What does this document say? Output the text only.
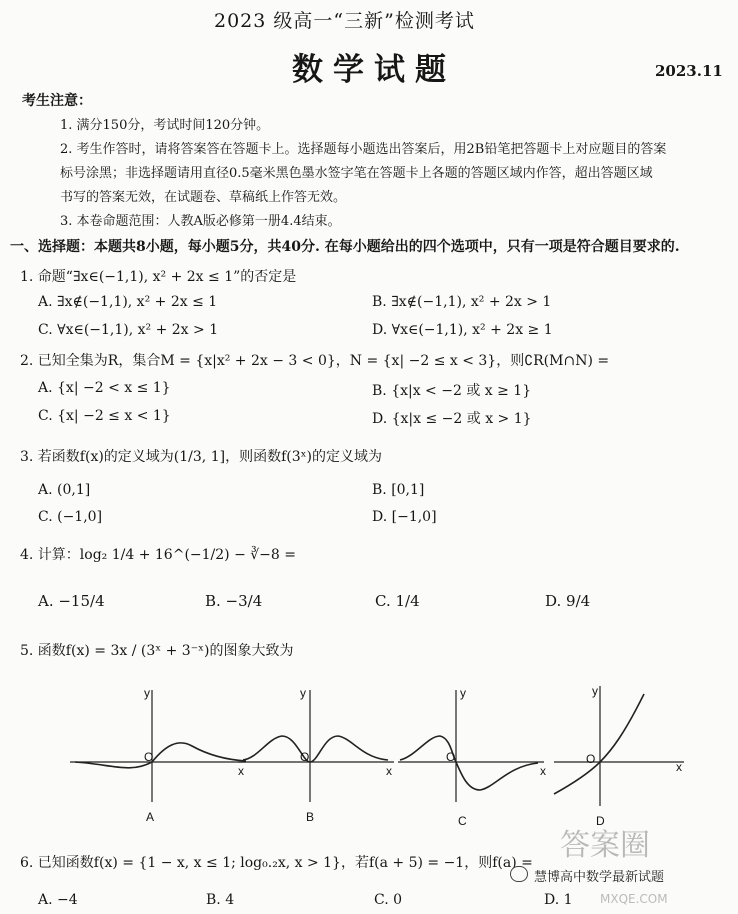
2023 级高一“三新”检测考试
数学试题	2023.11
考生注意：
1. 满分150分，考试时间120分钟。
2. 考生作答时，请将答案答在答题卡上。选择题每小题选出答案后，用2B铅笔把答题卡上对应题目的答案
标号涂黑；非选择题请用直径0.5毫米黑色墨水签字笔在答题卡上各题的答题区域内作答，超出答题区域
书写的答案无效，在试题卷、草稿纸上作答无效。
3. 本卷命题范围：人教A版必修第一册4.4结束。
一、选择题：本题共8小题，每小题5分，共40分. 在每小题给出的四个选项中，只有一项是符合题目要求的.
1. 命题“∃x∈(−1,1), x² + 2x ≤ 1”的否定是
A. ∃x∉(−1,1), x² + 2x ≤ 1	B. ∃x∉(−1,1), x² + 2x > 1
C. ∀x∈(−1,1), x² + 2x > 1	D. ∀x∈(−1,1), x² + 2x ≥ 1
2. 已知全集为R，集合M = {x|x² + 2x − 3 < 0}，N = {x| −2 ≤ x < 3}，则∁R(M∩N) =
A. {x| −2 < x ≤ 1}	B. {x|x < −2 或 x ≥ 1}
C. {x| −2 ≤ x < 1}	D. {x|x ≤ −2 或 x > 1}
3. 若函数f(x)的定义域为(1/3, 1]，则函数f(3ˣ)的定义域为
A. (0,1]	B. [0,1]
C. (−1,0]	D. [−1,0]
4. 计算：log₂ 1/4 + 16^(−1/2) − ∛−8 =
A. −15/4	B. −3/4	C. 1/4	D. 9/4
5. 函数f(x) = 3x / (3ˣ + 3⁻ˣ)的图象大致为
y
O
x
A
y
O
x
B
y
O
x
C
y
O
x
D
6. 已知函数f(x) = {1 − x, x ≤ 1; log₀.₂x, x > 1}，若f(a + 5) = −1，则f(a) =
A. −4	B. 4	C. 0	D. 1
答案圈
慧博高中数学最新试题
MXQE.COM
